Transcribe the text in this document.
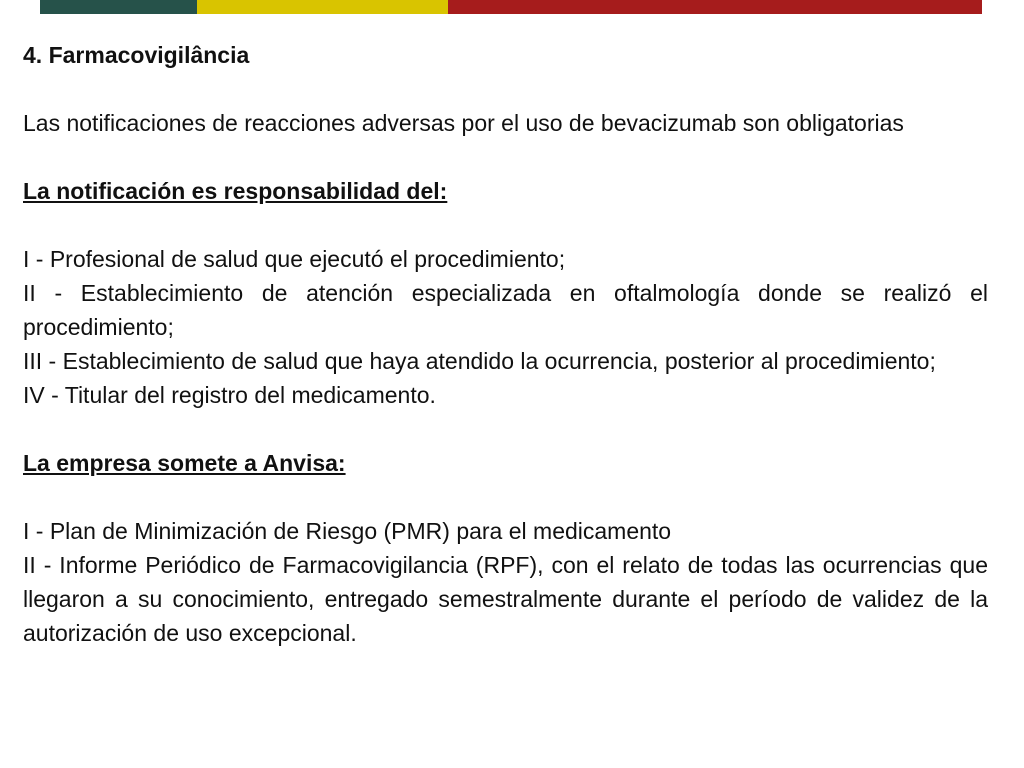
4. Farmacovigilância

Las notificaciones de reacciones adversas por el uso de bevacizumab son obligatorias

La notificación es responsabilidad del:

I - Profesional de salud que ejecutó el procedimiento;

II - Establecimiento de atención especializada en oftalmología donde se realizó el procedimiento;

III - Establecimiento de salud que haya atendido la ocurrencia, posterior al procedimiento;

IV - Titular del registro del medicamento.

La empresa somete a Anvisa:

I - Plan de Minimización de Riesgo (PMR) para el medicamento

II - Informe Periódico de Farmacovigilancia (RPF), con el relato de todas las ocurrencias que llegaron a su conocimiento, entregado semestralmente durante el período de validez de la autorización de uso excepcional.
